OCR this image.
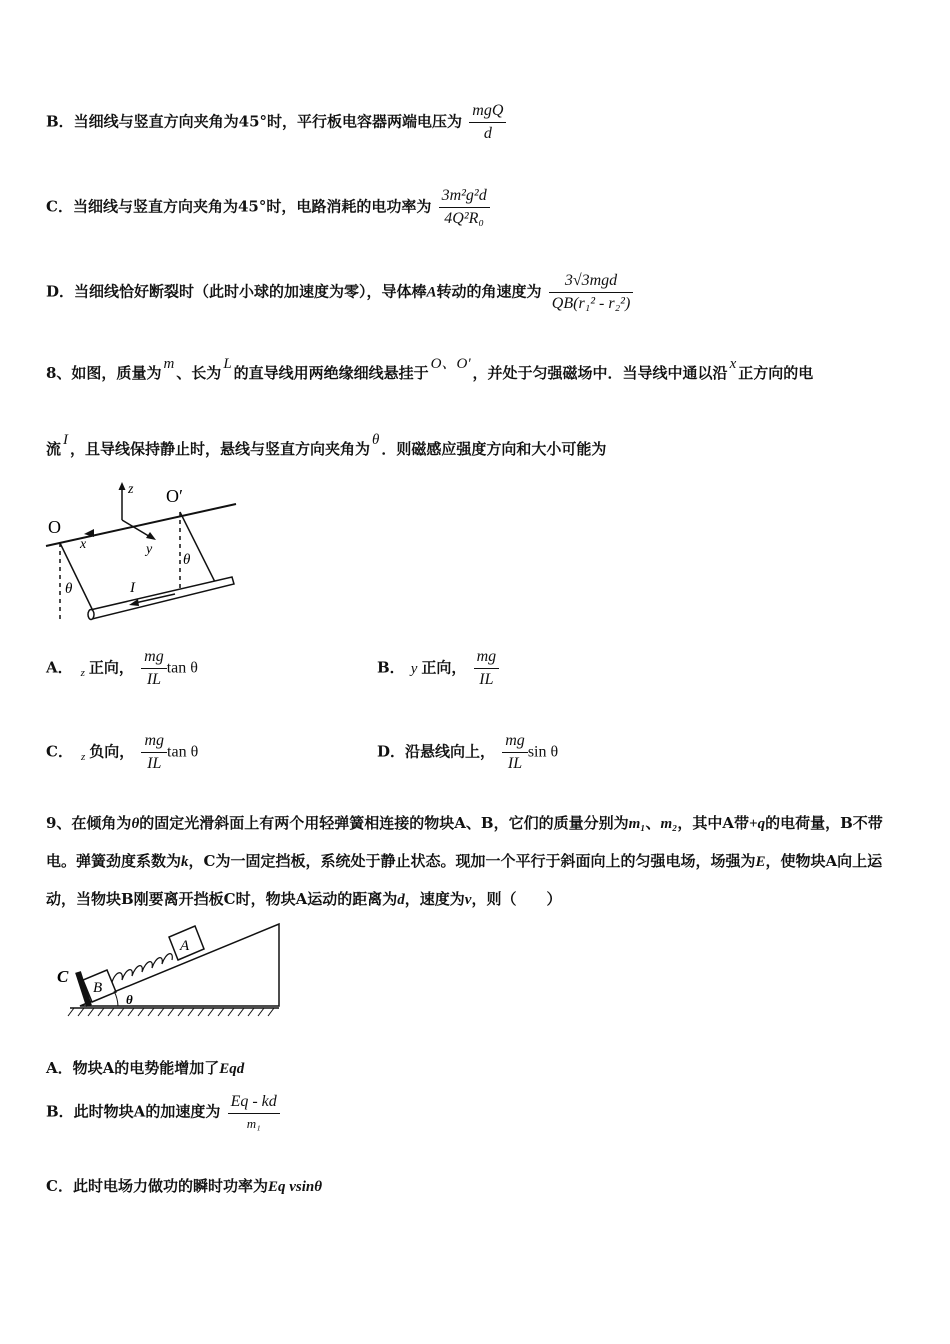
B．当细线与竖直方向夹角为45°时，平行板电容器两端电压为 $\frac{\text{mgQ}}{d}$
C．当细线与竖直方向夹角为45°时，电路消耗的电功率为 $\frac{\text{3m²g²d}}{\text{4Q²R₀}}$
D．当细线恰好断裂时（此时小球的加速度为零），导体棒A转动的角速度为 $\frac{\text{3√3mgd}}{\text{QB(r₁² - r₂²)}}$
8、如图，质量为 m 、长为 L 的直导线用两绝缘细线悬挂于 O、O' ，并处于匀强磁场中．当导线中通以沿 x 正方向的电
流 I ，且导线保持静止时，悬线与竖直方向夹角为 θ ．则磁感应强度方向和大小可能为
z
y
x
O
O′
θ
θ
I
A． $_z$ 正向， $\frac{mg}{IL}$ tan θ	B． y 正向， $\frac{mg}{IL}$
C． $_z$ 负向， $\frac{mg}{IL}$ tan θ	D．沿悬线向上， $\frac{mg}{IL}$ sin θ
9、在倾角为θ的固定光滑斜面上有两个用轻弹簧相连接的物块A、B，它们的质量分别为m₁、m₂，其中A带+q的电荷量，B不带电。弹簧劲度系数为k，C为一固定挡板，系统处于静止状态。现加一个平行于斜面向上的匀强电场，场强为E，使物块A向上运动，当物块B刚要离开挡板C时，物块A运动的距离为d，速度为v，则（　　）
C
B
A
θ
A．物块A的电势能增加了Eqd
B．此时物块A的加速度为 $\frac{Eq - kd}{\text{m₁}}$
C．此时电场力做功的瞬时功率为Eq vsinθ
